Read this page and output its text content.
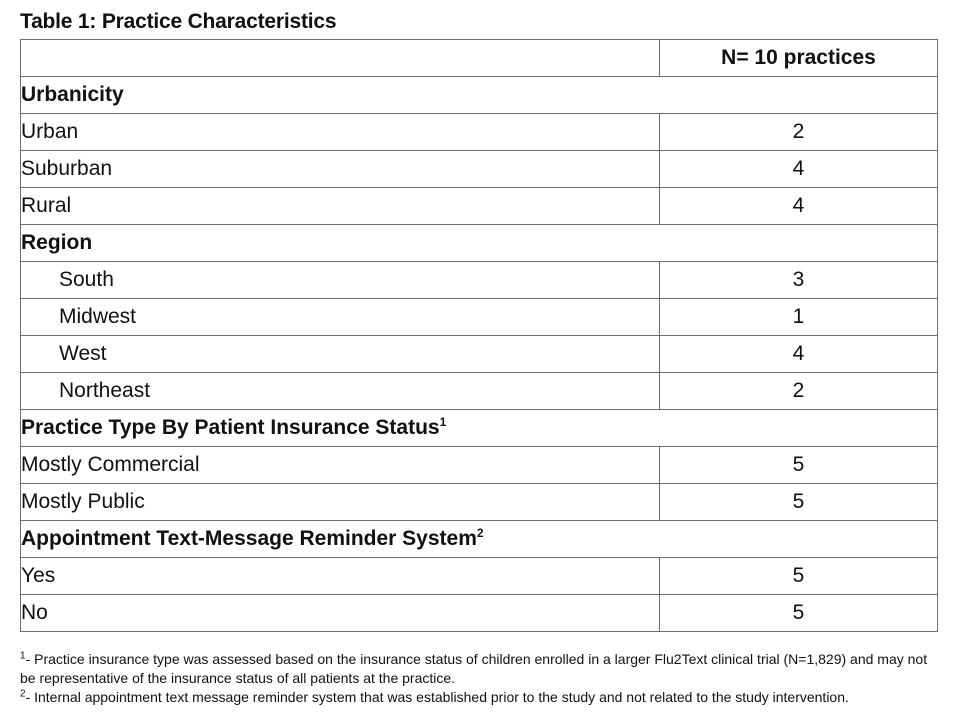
Table 1: Practice Characteristics
	N= 10 practices
Urbanicity	
Urban	2
Suburban	4
Rural	4
Region	
South	3
Midwest	1
West	4
Northeast	2
Practice Type By Patient Insurance Status$^1$
Mostly Commercial	5
Mostly Public	5
Appointment Text-Message Reminder System$^2$
Yes	5
No	5

$^1$- Practice insurance type was assessed based on the insurance status of children enrolled in a larger Flu2Text clinical trial (N=1,829) and may not be representative of the insurance status of all patients at the practice.

$^2$- Internal appointment text message reminder system that was established prior to the study and not related to the study intervention.
